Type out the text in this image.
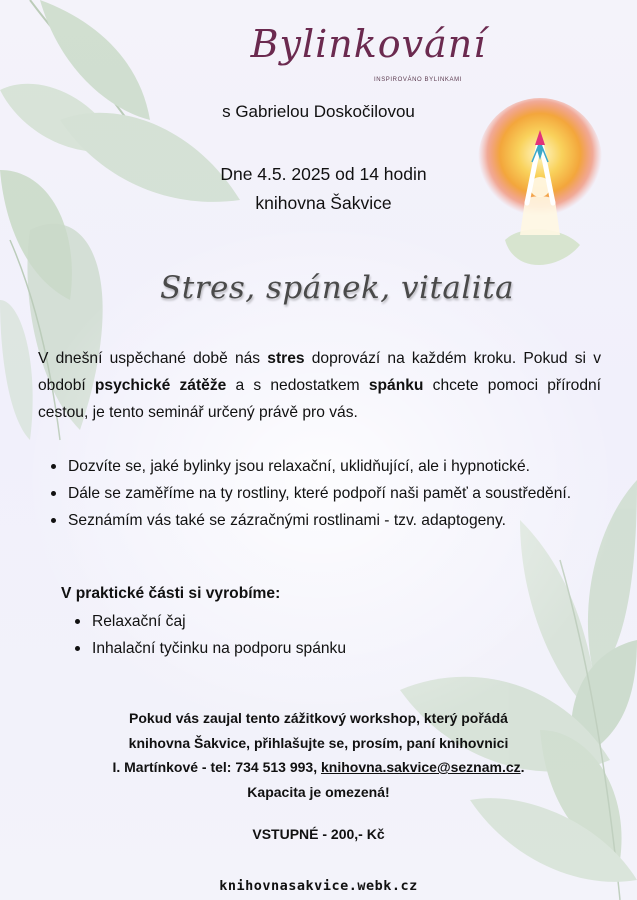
Bylinkování
INSPIROVÁNO BYLINKAMI
s Gabrielou Doskočilovou
Dne 4.5. 2025 od 14 hodin
knihovna Šakvice
Stres, spánek, vitalita

V dnešní uspěchané době nás stres doprovází na každém kroku. Pokud si v období psychické zátěže a s nedostatkem spánku chcete pomoci přírodní cestou, je tento seminář určený právě pro vás.

Dozvíte se, jaké bylinky jsou relaxační, uklidňující, ale i hypnotické.
Dále se zaměříme na ty rostliny, které podpoří naši paměť a soustředění.
Seznámím vás také se zázračnými rostlinami - tzv. adaptogeny.
V praktické části si vyrobíme:
Relaxační čaj
Inhalační tyčinku na podporu spánku
Pokud vás zaujal tento zážitkový workshop, který pořádá
knihovna Šakvice, přihlašujte se, prosím, paní knihovnici
I. Martínkové - tel: 734 513 993, knihovna.sakvice@seznam.cz.
Kapacita je omezená!
VSTUPNÉ - 200,- Kč
knihovnasakvice.webk.cz
